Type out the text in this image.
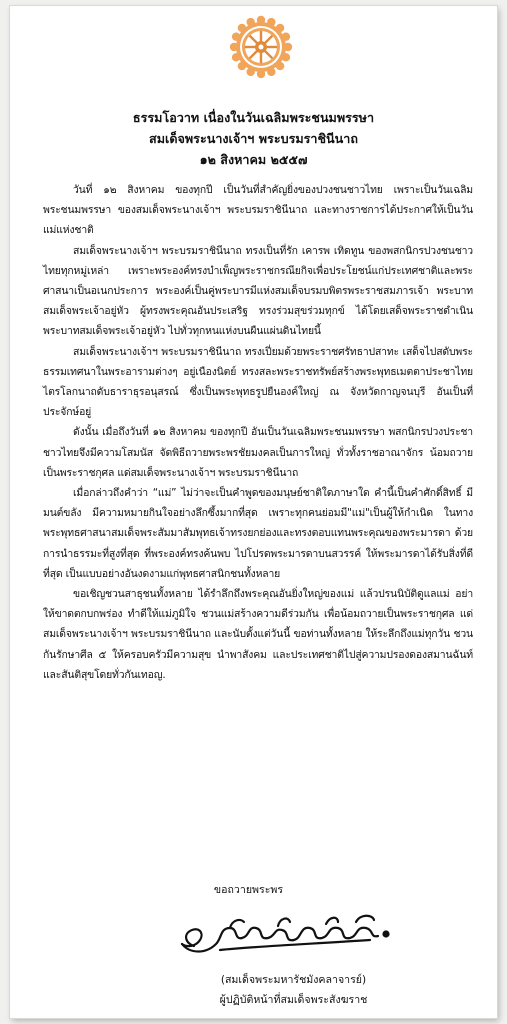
ธรรมโอวาท เนื่องในวันเฉลิมพระชนมพรรษา
สมเด็จพระนางเจ้าฯ พระบรมราชินีนาถ
๑๒ สิงหาคม ๒๕๕๗

วันที่ ๑๒ สิงหาคม ของทุกปี เป็นวันที่สำคัญยิ่งของปวงชนชาวไทย เพราะเป็นวันเฉลิมพระชนมพรรษา ของสมเด็จพระนางเจ้าฯ พระบรมราชินีนาถ และทางราชการได้ประกาศให้เป็นวันแม่แห่งชาติ

สมเด็จพระนางเจ้าฯ พระบรมราชินีนาถ ทรงเป็นที่รัก เคารพ เทิดทูน ของพสกนิกรปวงชนชาวไทยทุกหมู่เหล่า เพราะพระองค์ทรงบำเพ็ญพระราชกรณียกิจเพื่อประโยชน์แก่ประเทศชาติและพระศาสนาเป็นอเนกประการ พระองค์เป็นคู่พระบารมีแห่งสมเด็จบรมบพิตรพระราชสมภารเจ้า พระบาทสมเด็จพระเจ้าอยู่หัว ผู้ทรงพระคุณอันประเสริฐ ทรงร่วมสุขร่วมทุกข์ ได้โดยเสด็จพระราชดำเนินพระบาทสมเด็จพระเจ้าอยู่หัว ไปทั่วทุกหนแห่งบนผืนแผ่นดินไทยนี้

สมเด็จพระนางเจ้าฯ พระบรมราชินีนาถ ทรงเปี่ยมด้วยพระราชศรัทธาปสาทะ เสด็จไปสดับพระธรรมเทศนาในพระอารามต่างๆ อยู่เนืองนิตย์ ทรงสละพระราชทรัพย์สร้างพระพุทธเมตตาประชาไทยไตรโลกนาถดับธาราธุรอนุสรณ์ ซึ่งเป็นพระพุทธรูปยืนองค์ใหญ่ ณ จังหวัดกาญจนบุรี อันเป็นที่ประจักษ์อยู่

ดังนั้น เมื่อถึงวันที่ ๑๒ สิงหาคม ของทุกปี อันเป็นวันเฉลิมพระชนมพรรษา พสกนิกรปวงประชาชาวไทยจึงมีความโสมนัส จัดพิธีถวายพระพรชัยมงคลเป็นการใหญ่ ทั่วทั้งราชอาณาจักร น้อมถวายเป็นพระราชกุศล แด่สมเด็จพระนางเจ้าฯ พระบรมราชินีนาถ

เมื่อกล่าวถึงคำว่า “แม่” ไม่ว่าจะเป็นคำพูดของมนุษย์ชาติใดภาษาใด คำนี้เป็นคำศักดิ์สิทธิ์ มีมนต์ขลัง มีความหมายกินใจอย่างลึกซึ้งมากที่สุด เพราะทุกคนย่อมมี"แม่"เป็นผู้ให้กำเนิด ในทางพระพุทธศาสนาสมเด็จพระสัมมาสัมพุทธเจ้าทรงยกย่องและทรงตอบแทนพระคุณของพระมารดา ด้วยการนำธรรมะที่สูงที่สุด ที่พระองค์ทรงค้นพบ ไปโปรดพระมารดาบนสวรรค์ ให้พระมารดาได้รับสิ่งที่ดีที่สุด เป็นแบบอย่างอันงดงามแก่พุทธศาสนิกชนทั้งหลาย

ขอเชิญชวนสาธุชนทั้งหลาย ได้รำลึกถึงพระคุณอันยิ่งใหญ่ของแม่ แล้วปรนนิบัติดูแลแม่ อย่าให้ขาดตกบกพร่อง ทำดีให้แม่ภูมิใจ ชวนแม่สร้างความดีร่วมกัน เพื่อน้อมถวายเป็นพระราชกุศล แด่สมเด็จพระนางเจ้าฯ พระบรมราชินีนาถ และนับตั้งแต่วันนี้ ขอท่านทั้งหลาย ให้ระลึกถึงแม่ทุกวัน ชวนกันรักษาศีล ๕ ให้ครอบครัวมีความสุข นำพาสังคม และประเทศชาติไปสู่ความปรองดองสมานฉันท์ และสันติสุขโดยทั่วกันเทอญ.

ขอถวายพระพร
(สมเด็จพระมหารัชมังคลาจารย์)
ผู้ปฏิบัติหน้าที่สมเด็จพระสังฆราช
